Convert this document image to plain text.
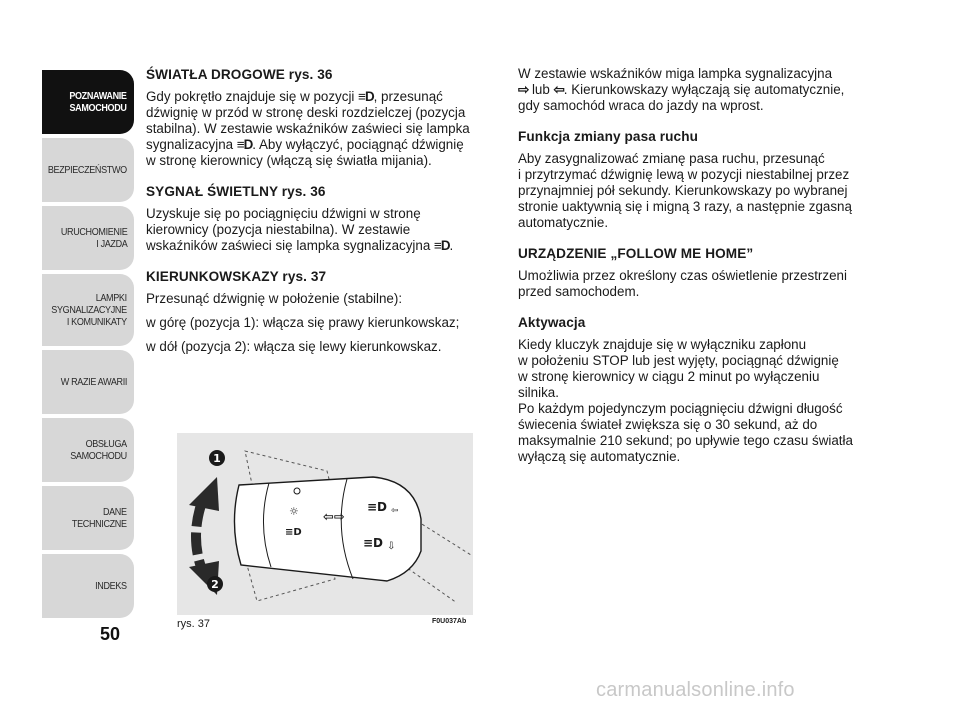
POZNAWANIE
SAMOCHODU
BEZPIECZEŃSTWO
URUCHOMIENIE
I JAZDA
LAMPKI
SYGNALIZACYJNE
I KOMUNIKATY
W RAZIE AWARII
OBSŁUGA
SAMOCHODU
DANE
TECHNICZNE
INDEKS
50
ŚWIATŁA DROGOWE rys. 36

Gdy pokrętło znajduje się w pozycji ≡D, przesunąć
dźwignię w przód w stronę deski rozdzielczej (pozycja
stabilna). W zestawie wskaźników zaświeci się lampka
sygnalizacyjna ≡D. Aby wyłączyć, pociągnąć dźwignię
w stronę kierownicy (włączą się światła mijania).

SYGNAŁ ŚWIETLNY rys. 36

Uzyskuje się po pociągnięciu dźwigni w stronę
kierownicy (pozycja niestabilna). W zestawie
wskaźników zaświeci się lampka sygnalizacyjna ≡D.

KIERUNKOWSKAZY rys. 37

Przesunąć dźwignię w położenie (stabilne):

w górę (pozycja 1): włącza się prawy kierunkowskaz;

w dół (pozycja 2): włącza się lewy kierunkowskaz.

W zestawie wskaźników miga lampka sygnalizacyjna
⇨ lub ⇦. Kierunkowskazy wyłączają się automatycznie,
gdy samochód wraca do jazdy na wprost.

Funkcja zmiany pasa ruchu

Aby zasygnalizować zmianę pasa ruchu, przesunąć
i przytrzymać dźwignię lewą w pozycji niestabilnej przez
przynajmniej pół sekundy. Kierunkowskazy po wybranej
stronie uaktywnią się i migną 3 razy, a następnie zgasną
automatycznie.

URZĄDZENIE „FOLLOW ME HOME”

Umożliwia przez określony czas oświetlenie przestrzeni
przed samochodem.

Aktywacja

Kiedy kluczyk znajduje się w wyłączniku zapłonu
w położeniu STOP lub jest wyjęty, pociągnąć dźwignię
w stronę kierownicy w ciągu 2 minut po wyłączeniu
silnika.
Po każdym pojedynczym pociągnięciu dźwigni długość
świecenia świateł zwiększa się o 30 sekund, aż do
maksymalnie 210 sekund; po upływie tego czasu światła
wyłączą się automatycznie.

☼
≡D
⇦⇨
≡D ⇦
≡D ⇩
1
2
rys. 37	F0U037Ab
carmanualsonline.info
